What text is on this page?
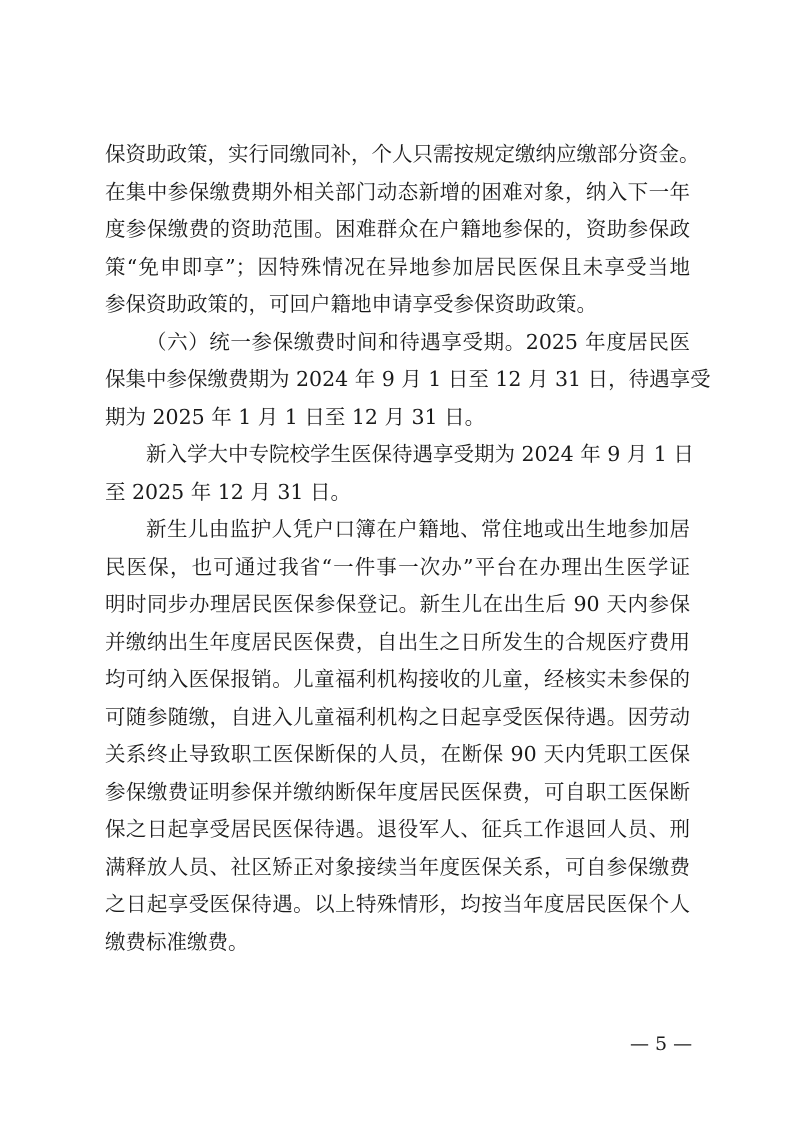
保资助政策，实行同缴同补，个人只需按规定缴纳应缴部分资金。
在集中参保缴费期外相关部门动态新增的困难对象，纳入下一年
度参保缴费的资助范围。困难群众在户籍地参保的，资助参保政
策“免申即享”；因特殊情况在异地参加居民医保且未享受当地
参保资助政策的，可回户籍地申请享受参保资助政策。
（六）统一参保缴费时间和待遇享受期。2025 年度居民医
保集中参保缴费期为 2024 年 9 月 1 日至 12 月 31 日，待遇享受
期为 2025 年 1 月 1 日至 12 月 31 日。
新入学大中专院校学生医保待遇享受期为 2024 年 9 月 1 日
至 2025 年 12 月 31 日。
新生儿由监护人凭户口簿在户籍地、常住地或出生地参加居
民医保，也可通过我省“一件事一次办”平台在办理出生医学证
明时同步办理居民医保参保登记。新生儿在出生后 90 天内参保
并缴纳出生年度居民医保费，自出生之日所发生的合规医疗费用
均可纳入医保报销。儿童福利机构接收的儿童，经核实未参保的
可随参随缴，自进入儿童福利机构之日起享受医保待遇。因劳动
关系终止导致职工医保断保的人员，在断保 90 天内凭职工医保
参保缴费证明参保并缴纳断保年度居民医保费，可自职工医保断
保之日起享受居民医保待遇。退役军人、征兵工作退回人员、刑
满释放人员、社区矫正对象接续当年度医保关系，可自参保缴费
之日起享受医保待遇。以上特殊情形，均按当年度居民医保个人
缴费标准缴费。
— 5 —
